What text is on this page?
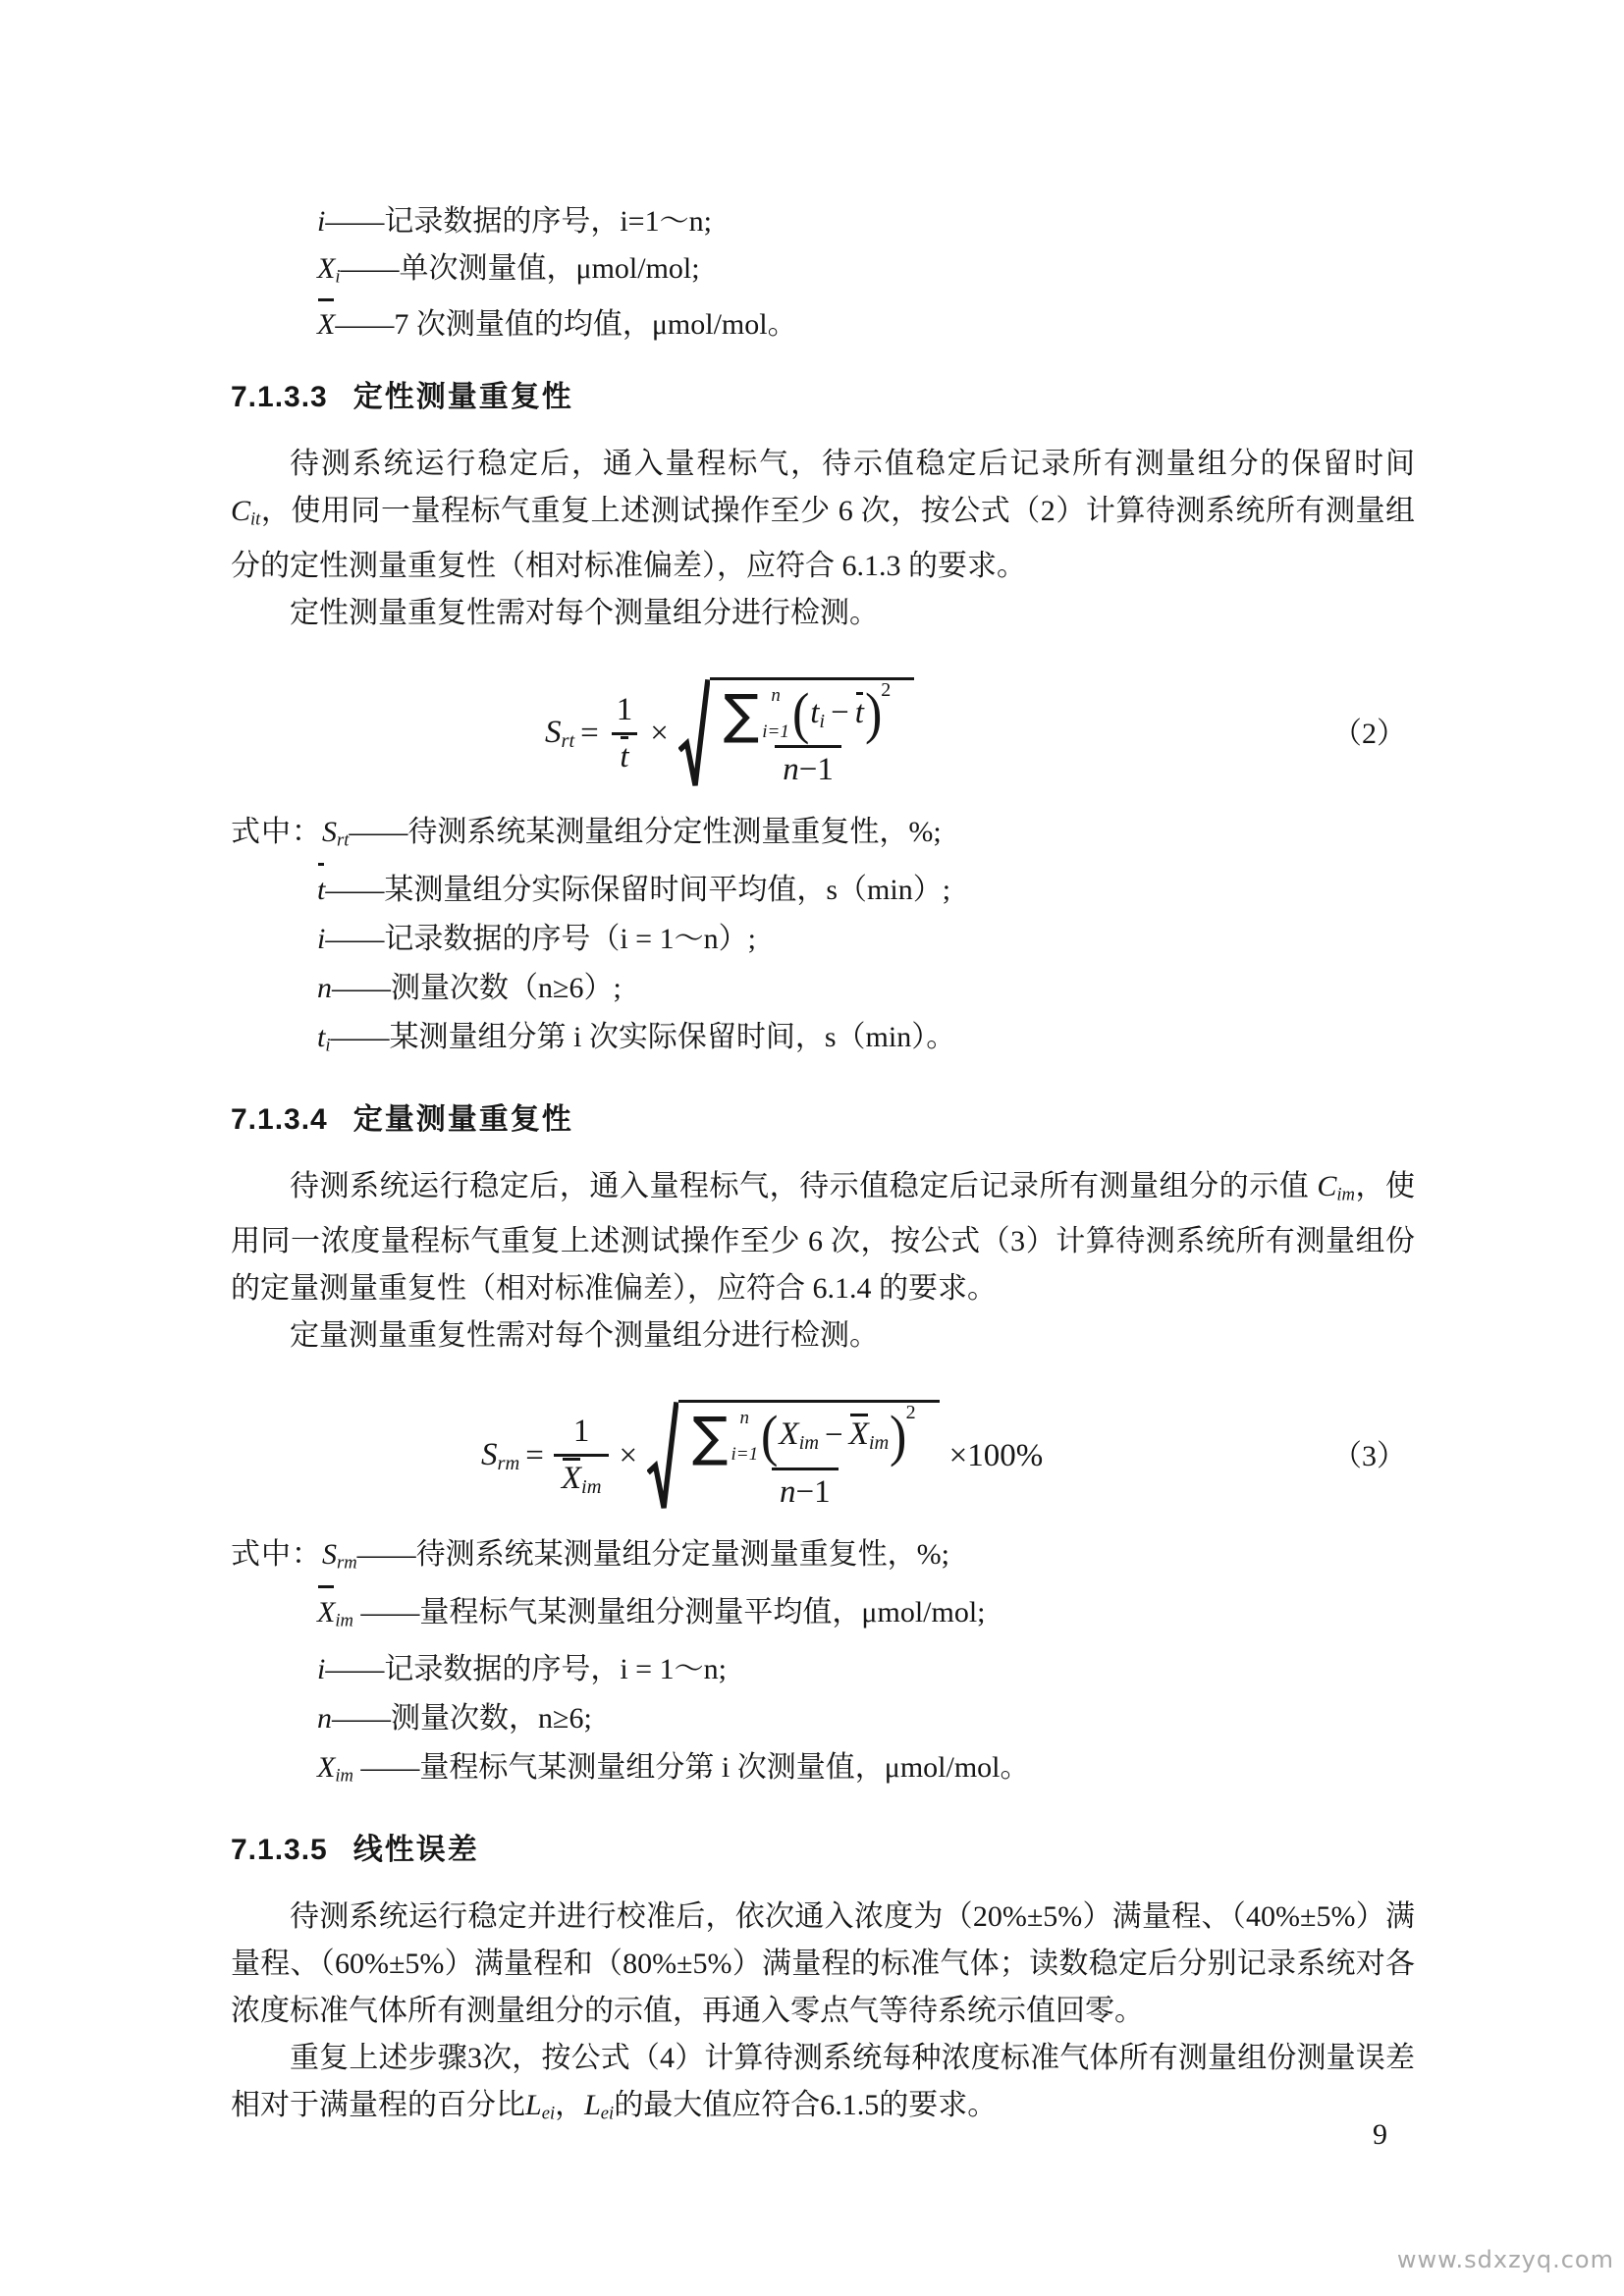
i——记录数据的序号，i=1～n;
$X_i——$单次测量值，μmol/mol;
X——7 次测量值的均值，μmol/mol。
7.1.3.3 定性测量重复性

待测系统运行稳定后，通入量程标气，待示值稳定后记录所有测量组分的保留时间 $C_{it}$，使用同一量程标气重复上述测试操作至少 6 次，按公式（2）计算待测系统所有测量组分的定性测量重复性（相对标准偏差），应符合 6.1.3 的要求。

定性测量重复性需对每个测量组分进行检测。

$S_{rt} = \frac{1}{t}$ × ∑ n
i=1 ( $t_i - t$ )
2
n−1
（2）
式中：$S_{rt}——$待测系统某测量组分定性测量重复性，%;
t——某测量组分实际保留时间平均值，s（min）;
i——记录数据的序号（i = 1～n）;
n——测量次数（n≥6）;
$t_i——$某测量组分第 i 次实际保留时间，s（min）。
7.1.3.4 定量测量重复性

待测系统运行稳定后，通入量程标气，待示值稳定后记录所有测量组分的示值 $C_{im}$，使用同一浓度量程标气重复上述测试操作至少 6 次，按公式（3）计算待测系统所有测量组份的定量测量重复性（相对标准偏差），应符合 6.1.4 的要求。

定量测量重复性需对每个测量组分进行检测。

$S_{rm} = \frac{1}{X_{im}}$ × ∑ n
i=1 ( $X_{im} - X_{im}$ )
2
n−1
×100%	（3）
式中：$S_{rm}——$待测系统某测量组分定量测量重复性，%;
$X_{im}$ ——量程标气某测量组分测量平均值，μmol/mol;
i——记录数据的序号，i = 1～n;
n——测量次数，n≥6;
$X_{im}$ ——量程标气某测量组分第 i 次测量值，μmol/mol。
7.1.3.5 线性误差

待测系统运行稳定并进行校准后，依次通入浓度为（20%±5%）满量程、（40%±5%）满量程、（60%±5%）满量程和（80%±5%）满量程的标准气体；读数稳定后分别记录系统对各浓度标准气体所有测量组分的示值，再通入零点气等待系统示值回零。

重复上述步骤3次，按公式（4）计算待测系统每种浓度标准气体所有测量组份测量误差相对于满量程的百分比$L_{ei}$，$L_{ei}$的最大值应符合6.1.5的要求。

9
www.sdxzyq.com
